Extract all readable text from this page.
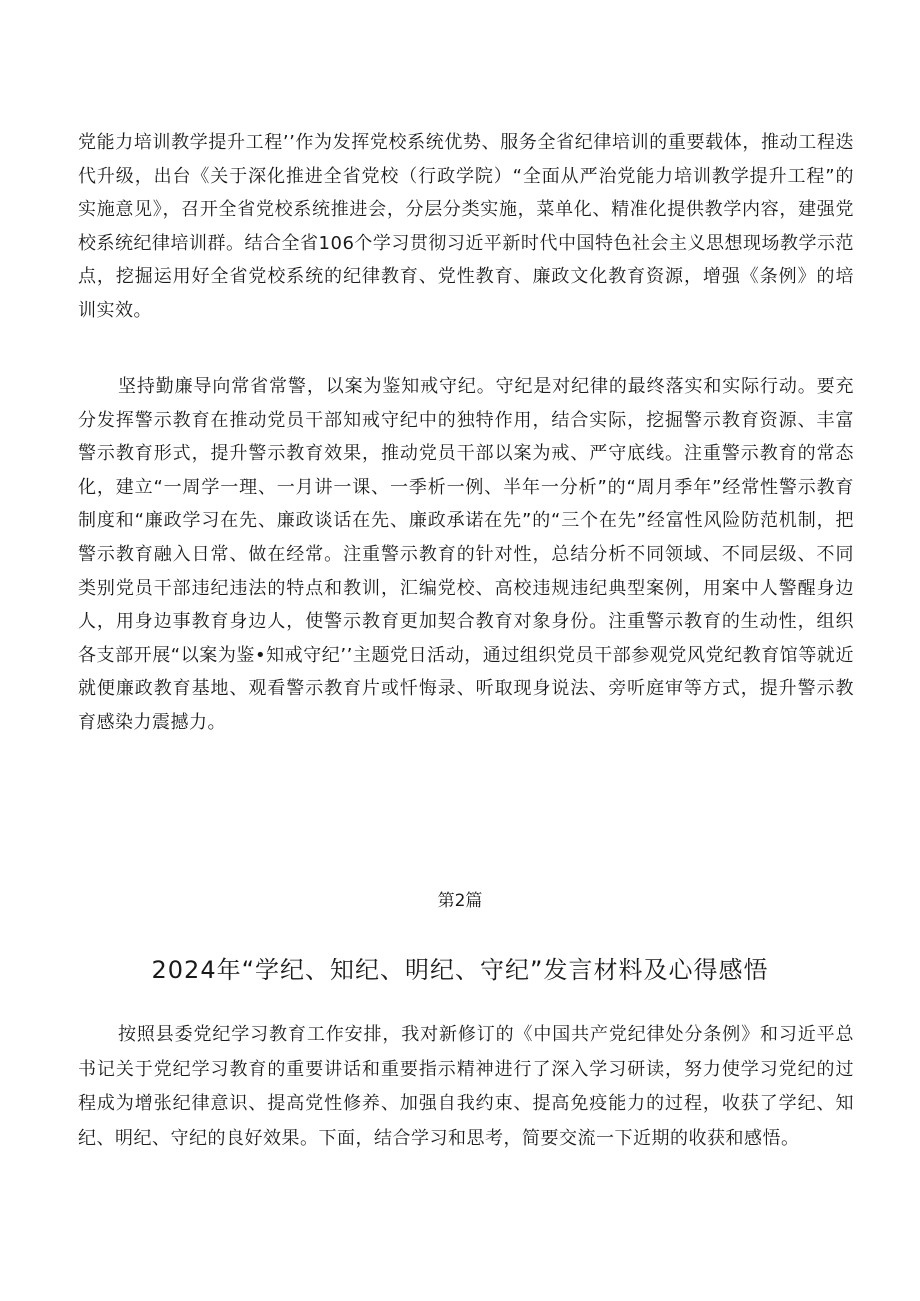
党能力培训教学提升工程’’作为发挥党校系统优势、服务全省纪律培训的重要载体，推动工程迭代升级，出台《关于深化推进全省党校（行政学院）“全面从严治党能力培训教学提升工程”的实施意见》，召开全省党校系统推进会，分层分类实施，菜单化、精准化提供教学内容，建强党校系统纪律培训群。结合全省106个学习贯彻习近平新时代中国特色社会主义思想现场教学示范点，挖掘运用好全省党校系统的纪律教育、党性教育、廉政文化教育资源，增强《条例》的培训实效。

坚持勤廉导向常省常警，以案为鉴知戒守纪。守纪是对纪律的最终落实和实际行动。要充分发挥警示教育在推动党员干部知戒守纪中的独特作用，结合实际，挖掘警示教育资源、丰富警示教育形式，提升警示教育效果，推动党员干部以案为戒、严守底线。注重警示教育的常态化，建立“一周学一理、一月讲一课、一季析一例、半年一分析”的“周月季年”经常性警示教育制度和“廉政学习在先、廉政谈话在先、廉政承诺在先”的“三个在先”经富性风险防范机制，把警示教育融入日常、做在经常。注重警示教育的针对性，总结分析不同领域、不同层级、不同类别党员干部违纪违法的特点和教训，汇编党校、高校违规违纪典型案例，用案中人警醒身边人，用身边事教育身边人，使警示教育更加契合教育对象身份。注重警示教育的生动性，组织各支部开展“以案为鉴•知戒守纪’’主题党日活动，通过组织党员干部参观党风党纪教育馆等就近就便廉政教育基地、观看警示教育片或忏悔录、听取现身说法、旁听庭审等方式，提升警示教育感染力震撼力。

第2篇
2024年“学纪、知纪、明纪、守纪”发言材料及心得感悟

按照县委党纪学习教育工作安排，我对新修订的《中国共产党纪律处分条例》和习近平总书记关于党纪学习教育的重要讲话和重要指示精神进行了深入学习研读，努力使学习党纪的过程成为增张纪律意识、提高党性修养、加强自我约束、提高免疫能力的过程，收获了学纪、知纪、明纪、守纪的良好效果。下面，结合学习和思考，简要交流一下近期的收获和感悟。
